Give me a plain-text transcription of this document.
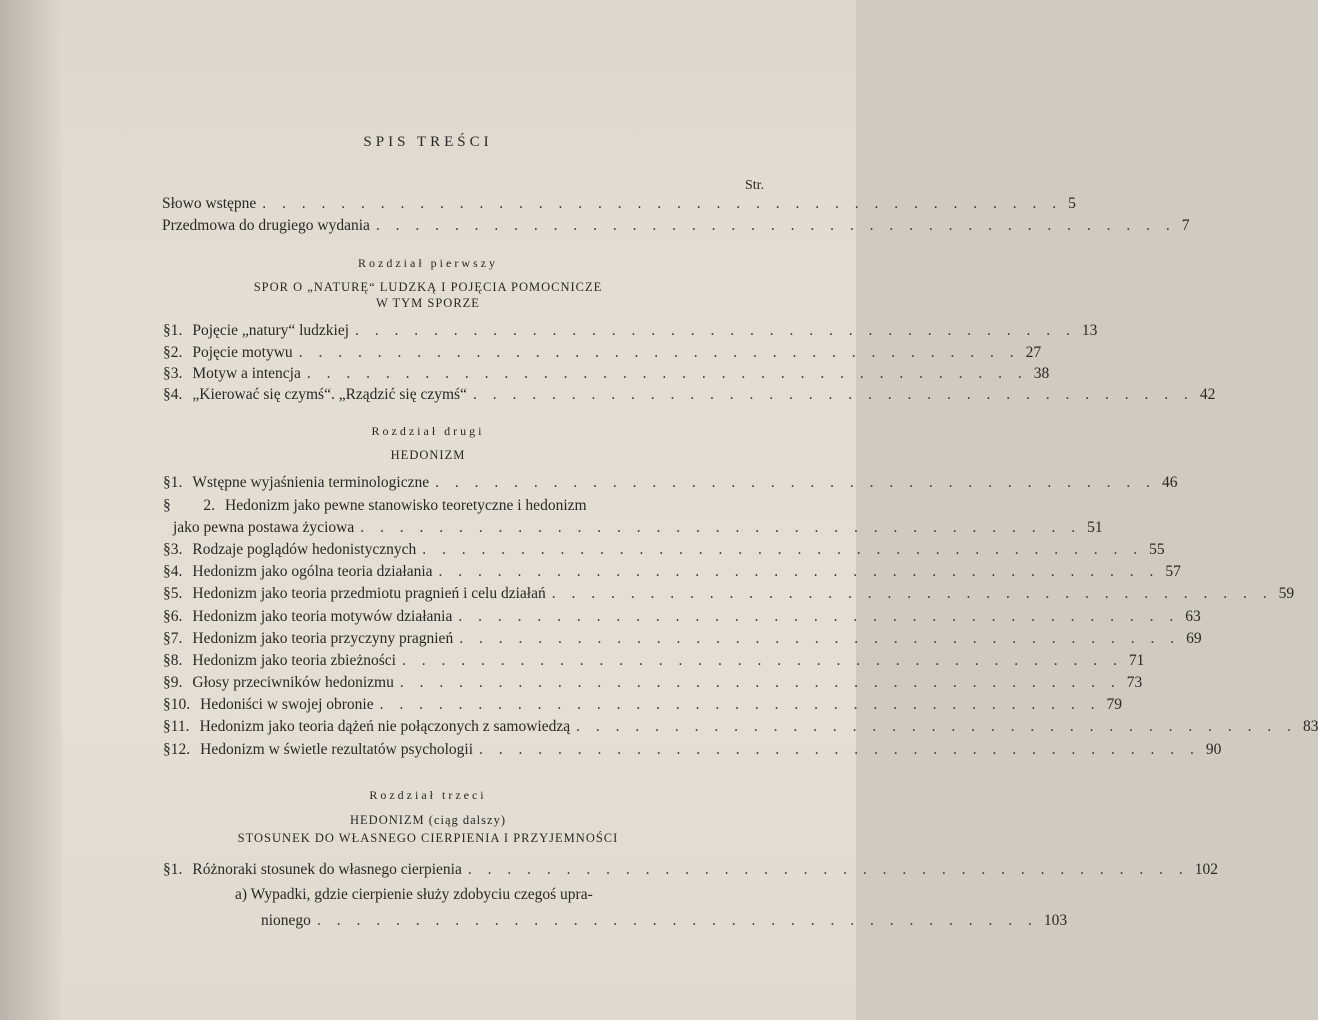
SPIS TREŚCI
Str.
Słowo wstępne . . . . . . . . . . . . . . . . . . . . . . . . . . . . . . . . . . . . . . . . . 5
Przedmowa do drugiego wydania . . . . . . . . . . . . . . . . . . . . . . . . . . . . . . . . . . . . . . . . . 7
Rozdział pierwszy
SPOR O „NATURĘ“ LUDZKĄ I POJĘCIA POMOCNICZE
W TYM SPORZE
§ 1. Pojęcie „natury“ ludzkiej . . . . . . . . . . . . . . . . . . . . . . . . . . . . . . . . . . . . . 13
§ 2. Pojęcie motywu . . . . . . . . . . . . . . . . . . . . . . . . . . . . . . . . . . . . . 27
§ 3. Motyw a intencja . . . . . . . . . . . . . . . . . . . . . . . . . . . . . . . . . . . . . 38
§ 4. „Kierować się czymś“. „Rządzić się czymś“ . . . . . . . . . . . . . . . . . . . . . . . . . . . . . . . . . . . . . 42
Rozdział drugi
HEDONIZM
§ 1. Wstępne wyjaśnienia terminologiczne . . . . . . . . . . . . . . . . . . . . . . . . . . . . . . . . . . . . . 46
§	2. Hedonizm jako pewne stanowisko teoretyczne i hedonizm
jako pewna postawa życiowa . . . . . . . . . . . . . . . . . . . . . . . . . . . . . . . . . . . . . 51
§ 3. Rodzaje poglądów hedonistycznych . . . . . . . . . . . . . . . . . . . . . . . . . . . . . . . . . . . . . 55
§ 4. Hedonizm jako ogólna teoria działania . . . . . . . . . . . . . . . . . . . . . . . . . . . . . . . . . . . . . 57
§ 5. Hedonizm jako teoria przedmiotu pragnień i celu działań . . . . . . . . . . . . . . . . . . . . . . . . . . . . . . . . . . . . . 59
§ 6. Hedonizm jako teoria motywów działania . . . . . . . . . . . . . . . . . . . . . . . . . . . . . . . . . . . . . 63
§ 7. Hedonizm jako teoria przyczyny pragnień . . . . . . . . . . . . . . . . . . . . . . . . . . . . . . . . . . . . . 69
§ 8. Hedonizm jako teoria zbieżności . . . . . . . . . . . . . . . . . . . . . . . . . . . . . . . . . . . . . 71
§ 9. Głosy przeciwników hedonizmu . . . . . . . . . . . . . . . . . . . . . . . . . . . . . . . . . . . . . 73
§ 10. Hedoniści w swojej obronie . . . . . . . . . . . . . . . . . . . . . . . . . . . . . . . . . . . . . 79
§ 11. Hedonizm jako teoria dążeń nie połączonych z samowiedzą . . . . . . . . . . . . . . . . . . . . . . . . . . . . . . . . . . . . . 83
§ 12. Hedonizm w świetle rezultatów psychologii . . . . . . . . . . . . . . . . . . . . . . . . . . . . . . . . . . . . . 90
Rozdział trzeci
HEDONIZM (ciąg dalszy)
STOSUNEK DO WŁASNEGO CIERPIENIA I PRZYJEMNOŚCI
§ 1. Różnoraki stosunek do własnego cierpienia . . . . . . . . . . . . . . . . . . . . . . . . . . . . . . . . . . . . . 102
a) Wypadki, gdzie cierpienie służy zdobyciu czegoś upra-
nionego . . . . . . . . . . . . . . . . . . . . . . . . . . . . . . . . . . . . . 103
